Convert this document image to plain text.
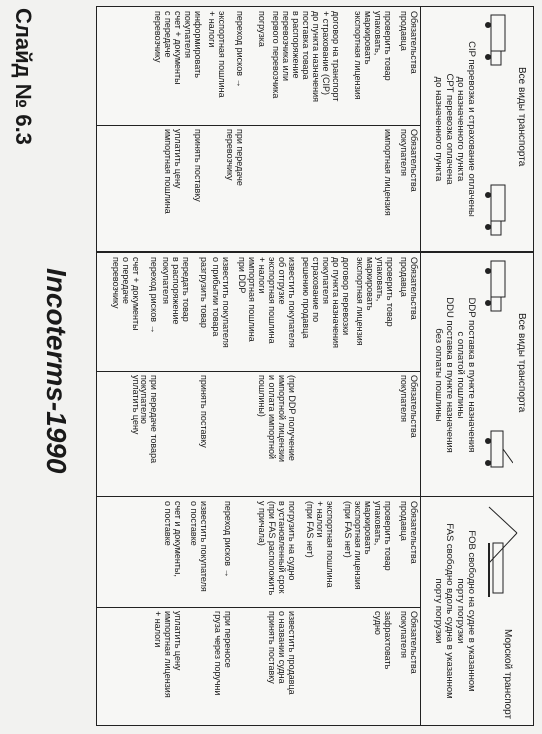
Слайд № 6.3
Incoterms-1990
Все виды транспорта
CIP перевозка и страхование оплачены
до назначенного пункта
CPT перевозка оплачена
до назначенного пункта
Обязательства
продавца
Обязательства
покупателя
проверить товар
упаковать,
маркировать
экспортная лицензия
импортная лицензия
договор на транспорт
+ страхование (CIP)
до пункта назначения
поставка товара
в распоряжение
перевозчика или
первого перевозчика
погрузка
переход рисков →
при передаче
перевозчику
экспортная пошлина
+ налоги
информировать
покупателя
принять поставку
счет + документы
с передаче
перевозчику
уплатить цену
импортная пошлина
Все виды транспорта
DDP поставка в пункте назначения
с оплатой пошлины
DDU поставка в пункте назначения
без оплаты пошлины
Обязательства
продавца
Обязательства
покупателя
проверить товар
упаковать,
маркировать
экспортная лицензия
договор перевозки
до пункта назначения
покупателя
страхование по
решению продавца
известить покупателя
об отгрузке
экспортная пошлина
+ налоги
импортная пошлина
при DDP
(при DDP получение
импортной лицензии
и оплата импортной
пошлины)
известить покупателя
о прибытии товара
разгрузить товар
принять поставку
передать товар
в распоряжение
покупателя
переход рисков →
при передаче товара
покупателю
счет + документы
о передаче
перевозчику
уплатить цену
Морской транспорт
FOB свободно на судне в указанном
порту погрузки
FAS свободно вдоль судна в указанном
порту погрузки
Обязательства
продавца
Обязательства
покупателя
проверить товар
упаковать,
маркировать
экспортная лицензия
(при FAS нет)
зафрахтовать
судно
экспортная пошлина
+ налоги
(при FAS нет)
погрузить на судно
в установленный срок
(при FAS расположить
у причала)
известить продавца
о названии судна
принять поставку
переход рисков →
при переносе
груза через поручни
известить покупателя
о поставке
счет и документы,
о поставке
уплатить цену
импортная лицензия
+ налоги
